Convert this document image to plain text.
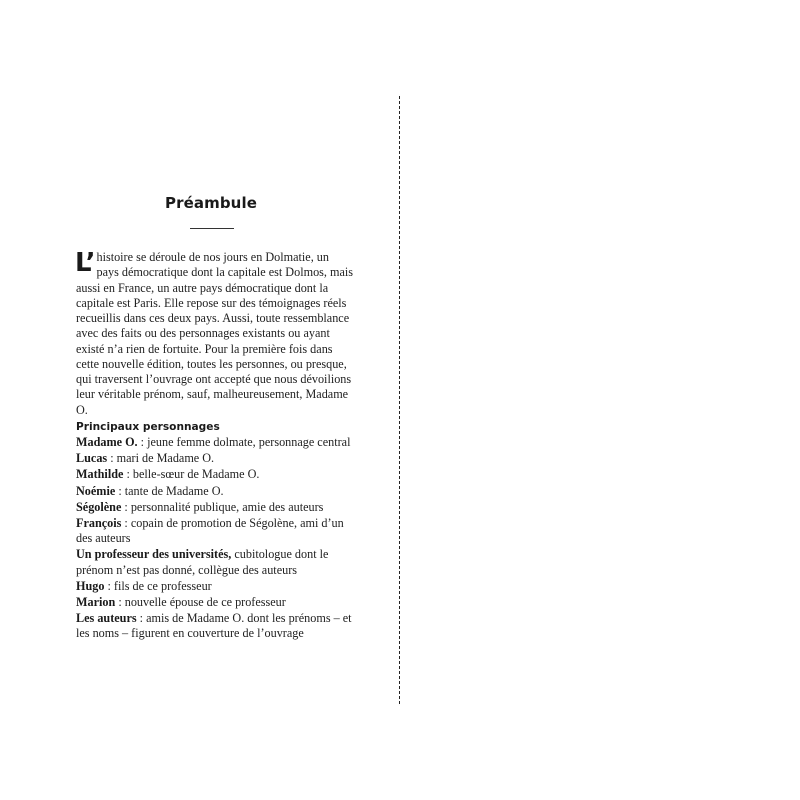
Préambule

L’ histoire se déroule de nos jours en Dolmatie, un pays démocratique dont la capitale est Dolmos, mais aussi en France, un autre pays démocratique dont la capitale est Paris. Elle repose sur des témoignages réels recueillis dans ces deux pays. Aussi, toute ressemblance avec des faits ou des personnages existants ou ayant existé n’a rien de fortuite. Pour la première fois dans cette nouvelle édition, toutes les personnes, ou presque, qui traversent l’ouvrage ont accepté que nous dévoilions leur véritable prénom, sauf, malheureusement, Madame O.

Principaux personnages
Madame O. : jeune femme dolmate, personnage central
Lucas : mari de Madame O.
Mathilde : belle-sœur de Madame O.
Noémie : tante de Madame O.
Ségolène : personnalité publique, amie des auteurs
François : copain de promotion de Ségolène, ami d’un des auteurs
Un professeur des universités, cubitologue dont le prénom n’est pas donné, collègue des auteurs
Hugo : fils de ce professeur
Marion : nouvelle épouse de ce professeur
Les auteurs : amis de Madame O. dont les prénoms – et les noms – figurent en couverture de l’ouvrage
